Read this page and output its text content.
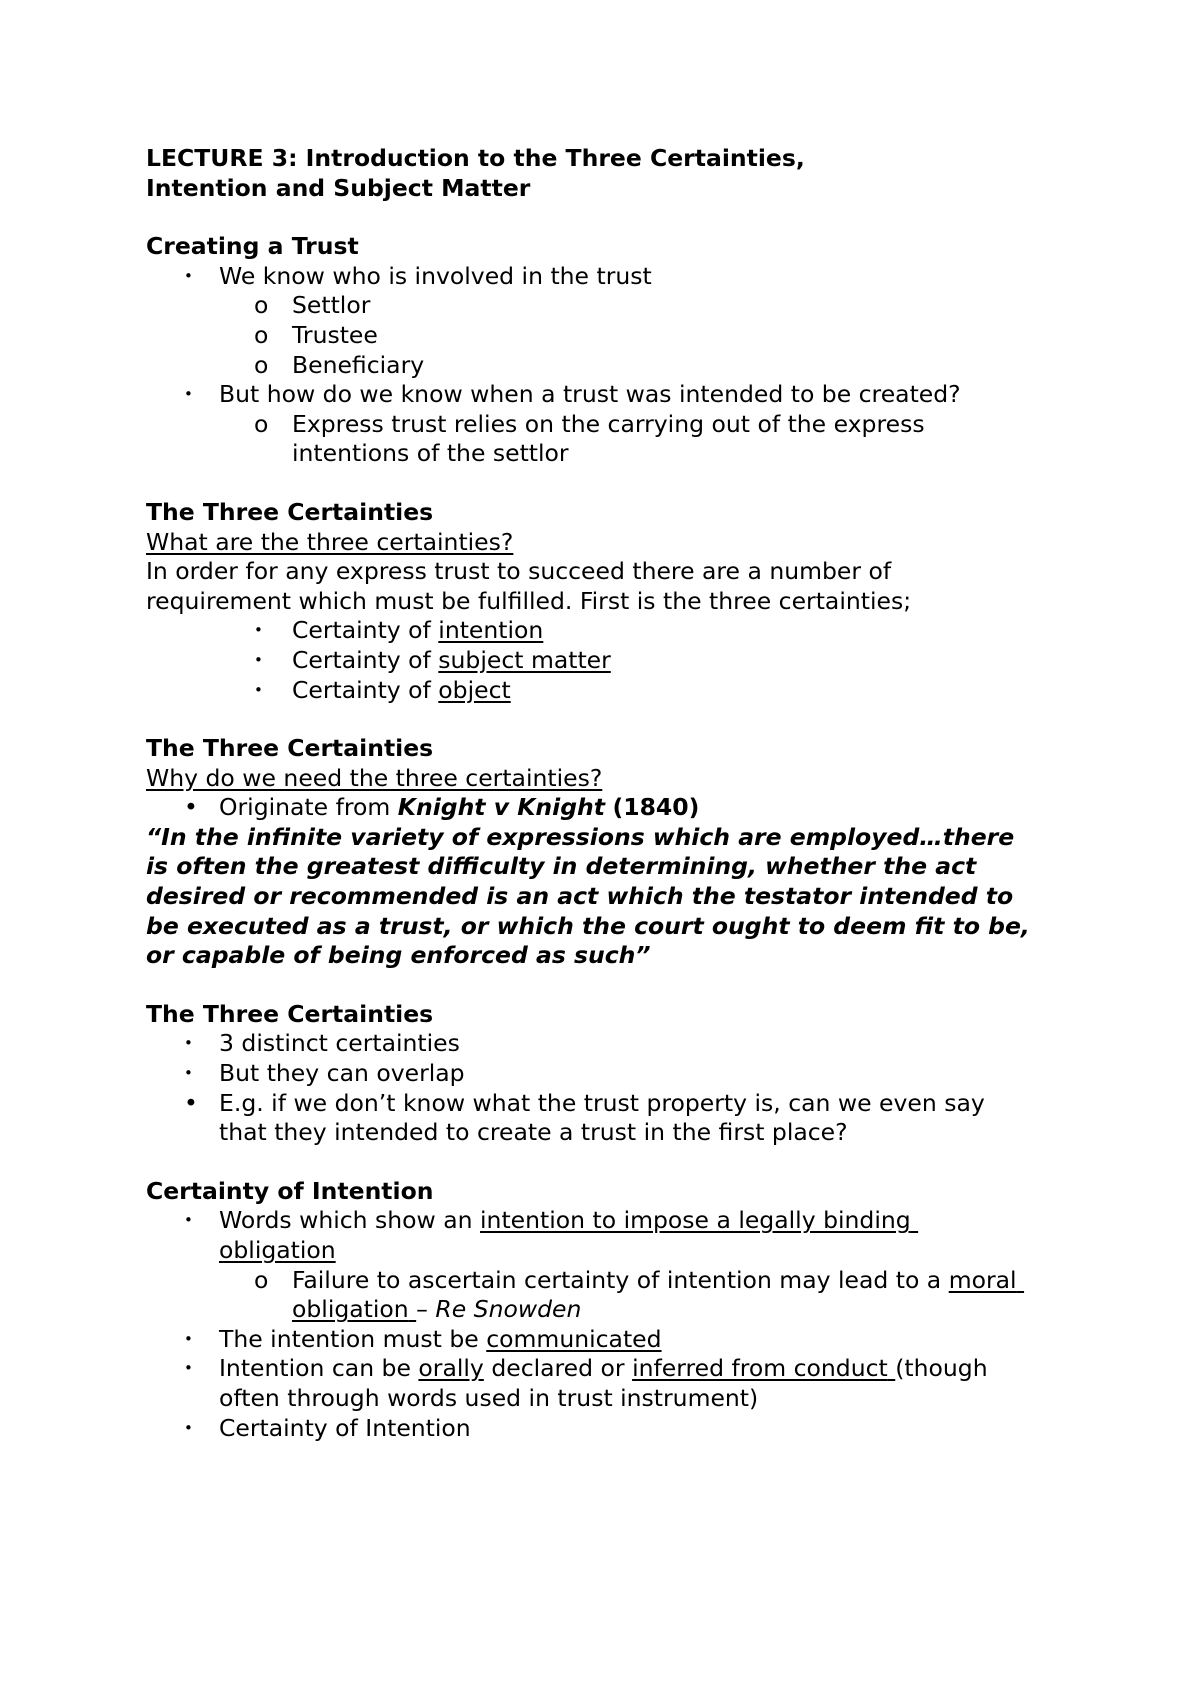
LECTURE 3: Introduction to the Three Certainties,
Intention and Subject Matter
Creating a Trust
• We know who is involved in the trust
o Settlor
o Trustee
o Beneficiary
• But how do we know when a trust was intended to be created?
o Express trust relies on the carrying out of the express
intentions of the settlor
The Three Certainties
What are the three certainties?
In order for any express trust to succeed there are a number of
requirement which must be fulfilled. First is the three certainties;
• Certainty of intention
• Certainty of subject matter
• Certainty of object
The Three Certainties
Why do we need the three certainties?
• Originate from Knight v Knight (1840)
“In the infinite variety of expressions which are employed…there
is often the greatest difficulty in determining, whether the act
desired or recommended is an act which the testator intended to
be executed as a trust, or which the court ought to deem fit to be,
or capable of being enforced as such”
The Three Certainties
• 3 distinct certainties
• But they can overlap
• E.g. if we don’t know what the trust property is, can we even say
that they intended to create a trust in the first place?
Certainty of Intention
• Words which show an intention to impose a legally binding
obligation
o Failure to ascertain certainty of intention may lead to a moral
obligation – Re Snowden
• The intention must be communicated
• Intention can be orally declared or inferred from conduct (though
often through words used in trust instrument)
• Certainty of Intention
